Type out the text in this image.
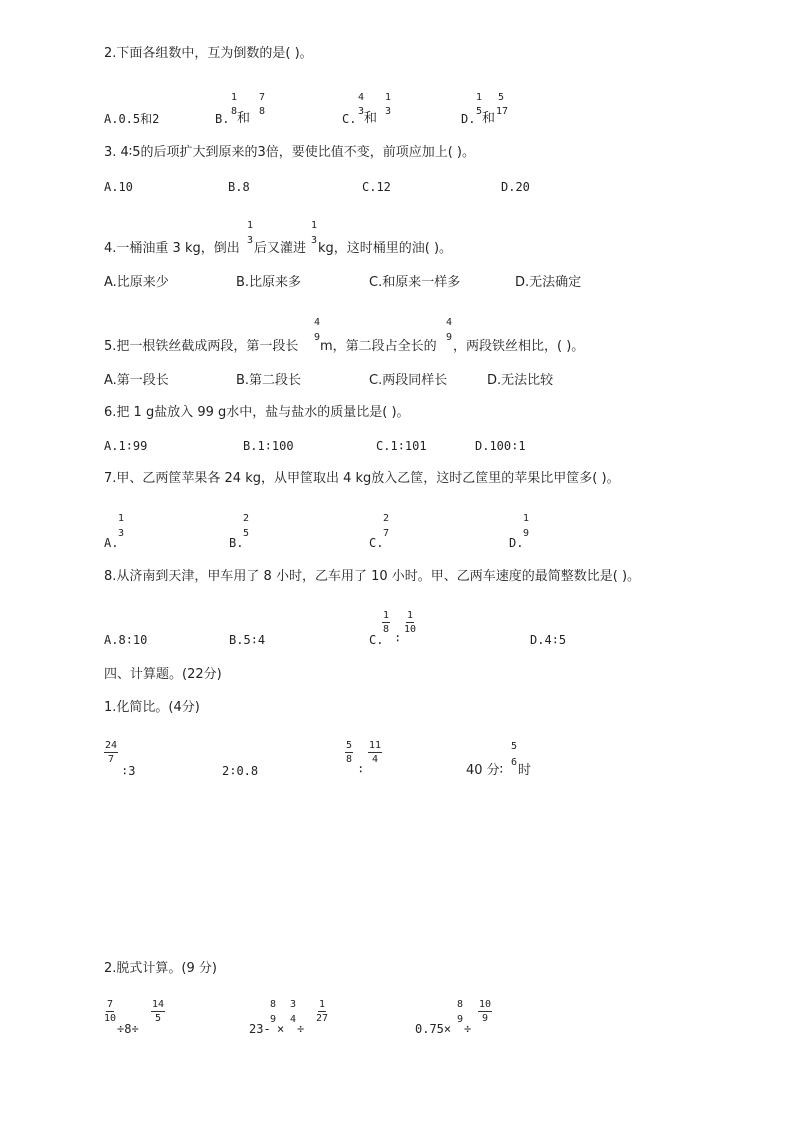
2.下面各组数中，互为倒数的是( )。
A.0.5和2	B.
1
8 和
7
8
C.
4
3 和
1
3
D.
1
5 和
5
17
3. 4∶5的后项扩大到原来的3倍，要使比值不变，前项应加上( )。
A.10	B.8	C.12	D.20
4.一桶油重 3 kg，倒出
1
3
后又灌进
1
3
kg，这时桶里的油( )。
A.比原来少	B.比原来多	C.和原来一样多	D.无法确定
5.把一根铁丝截成两段，第一段长
4
9
m，第二段占全长的
4
9
，两段铁丝相比，( )。
A.第一段长	B.第二段长	C.两段同样长	D.无法比较
6.把 1 g盐放入 99 g水中，盐与盐水的质量比是( )。
A.1∶99	B.1∶100	C.1∶101	D.100∶1
7.甲、乙两筐苹果各 24 kg，从甲筐取出 4 kg放入乙筐，这时乙筐里的苹果比甲筐多( )。
A.
1
3
B.
2
5
C.
2
7
D.
1
9
8.从济南到天津，甲车用了 8 小时，乙车用了 10 小时。甲、乙两车速度的最简整数比是( )。
A.8∶10	B.5∶4	C.
$\frac{1}{8}$
∶
$\frac{1}{10}$
D.4∶5
四、计算题。(22分)
1.化简比。(4分)
$\frac{24}{7}$
∶3	2∶0.8
$\frac{5}{8}$
∶
$\frac{11}{4}$
40 分∶
5
6
时
2.脱式计算。(9 分)
$\frac{7}{10}$
÷8÷
$\frac{14}{5}$
23-
8
9
×
3
4
÷
$\frac{1}{27}$
0.75×
8
9
÷
$\frac{10}{9}$
